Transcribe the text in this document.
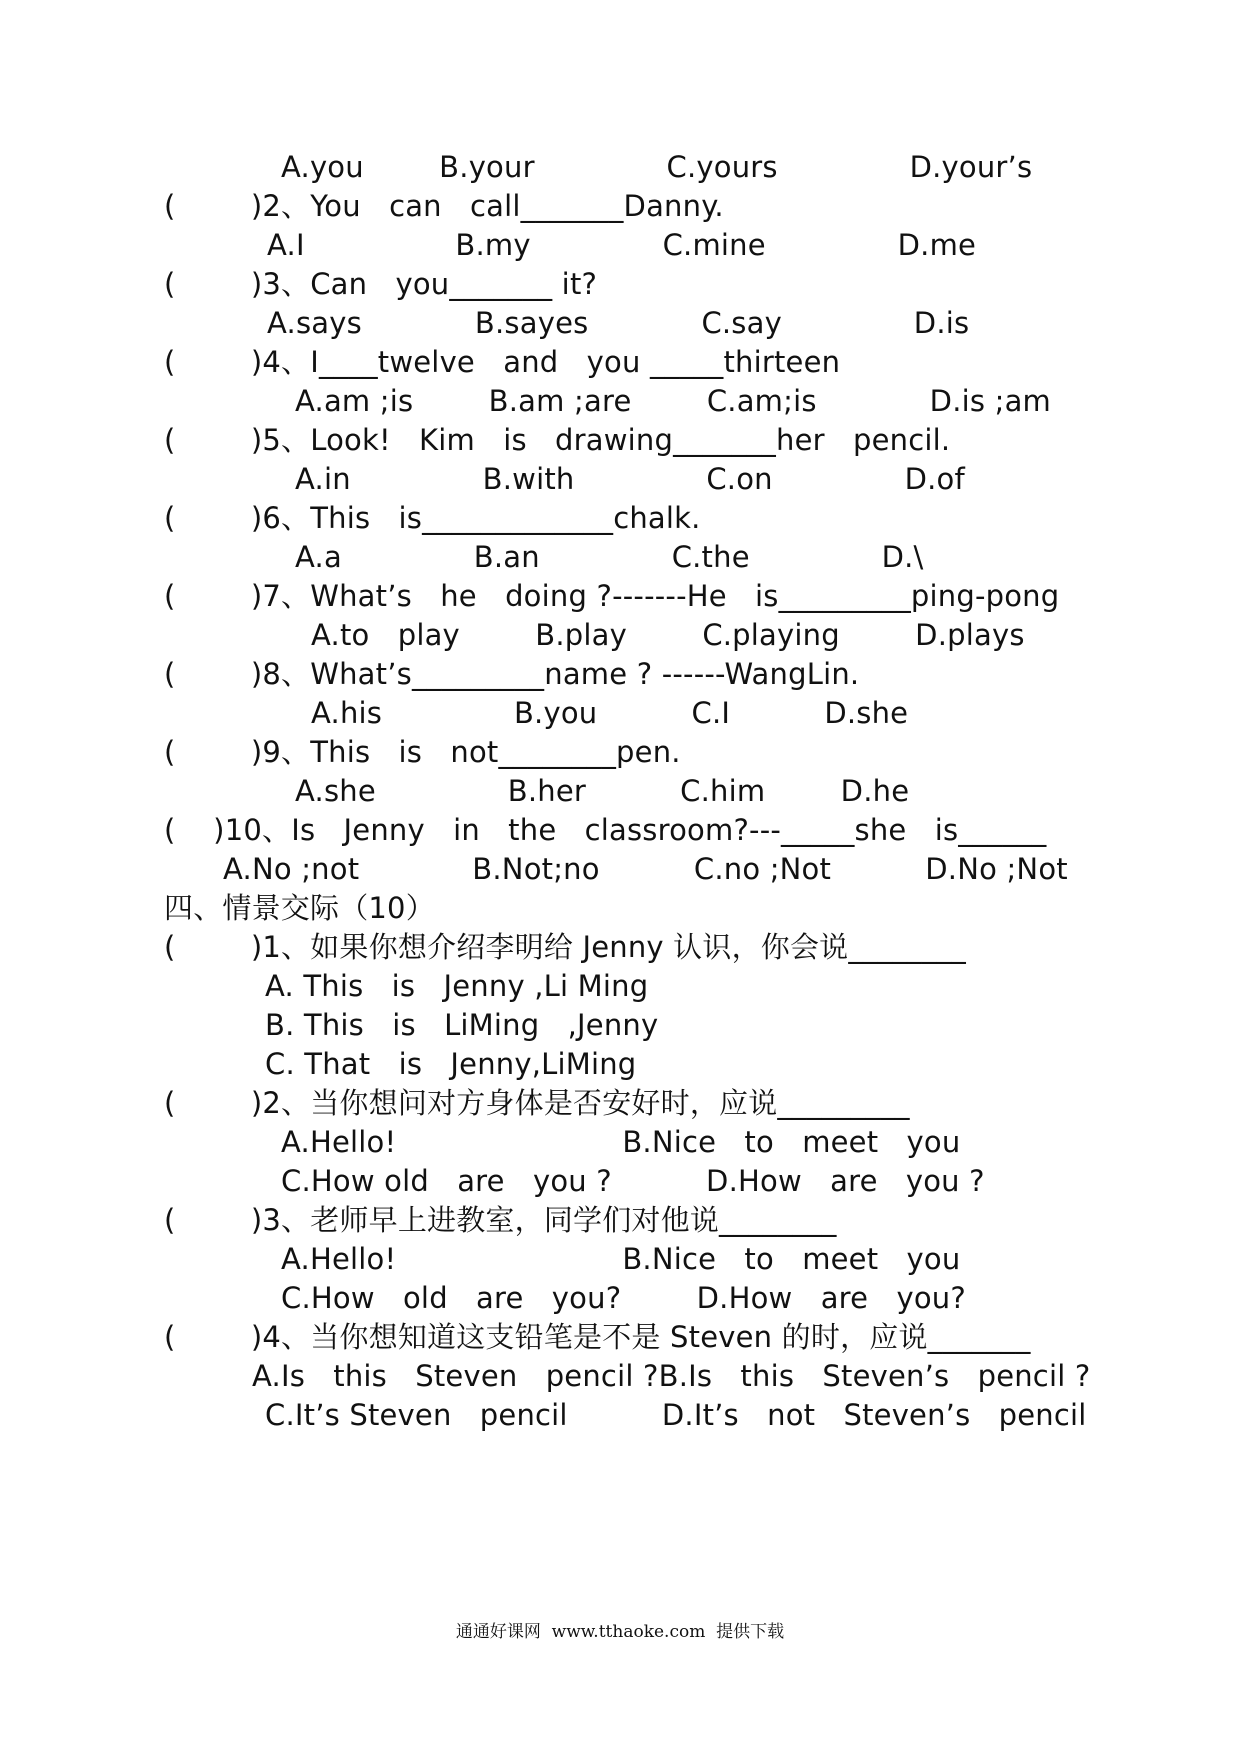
A.you        B.your              C.yours              D.your’s
(        )2、You   can   call_______Danny.
A.I                B.my              C.mine              D.me
(        )3、Can   you_______ it?
A.says            B.sayes            C.say              D.is
(        )4、I____twelve   and   you _____thirteen
A.am ;is        B.am ;are        C.am;is            D.is ;am
(        )5、Look!   Kim   is   drawing_______her   pencil.
A.in              B.with              C.on              D.of
(        )6、This   is_____________chalk.
A.a              B.an              C.the              D.\
(        )7、What’s   he   doing ?-------He   is_________ping-pong
A.to   play        B.play        C.playing        D.plays
(        )8、What’s_________name ? ------WangLin.
A.his              B.you          C.I          D.she
(        )9、This   is   not________pen.
A.she              B.her          C.him        D.he
(    )10、Is   Jenny   in   the   classroom?---_____she   is______
A.No ;not            B.Not;no          C.no ;Not          D.No ;Not
四、情景交际（10）
(        )1、如果你想介绍李明给 Jenny 认识，你会说________
A. This   is   Jenny ,Li Ming
B. This   is   LiMing   ,Jenny
C. That   is   Jenny,LiMing
(        )2、当你想问对方身体是否安好时，应说_________
A.Hello!                        B.Nice   to   meet   you
C.How old   are   you ?          D.How   are   you ?
(        )3、老师早上进教室，同学们对他说________
A.Hello!                        B.Nice   to   meet   you
C.How   old   are   you?        D.How   are   you?
(        )4、当你想知道这支铅笔是不是 Steven 的时，应说_______
A.Is   this   Steven   pencil ?B.Is   this   Steven’s   pencil ?
C.It’s Steven   pencil          D.It’s   not   Steven’s   pencil
通通好课网  www.tthaoke.com  提供下载
